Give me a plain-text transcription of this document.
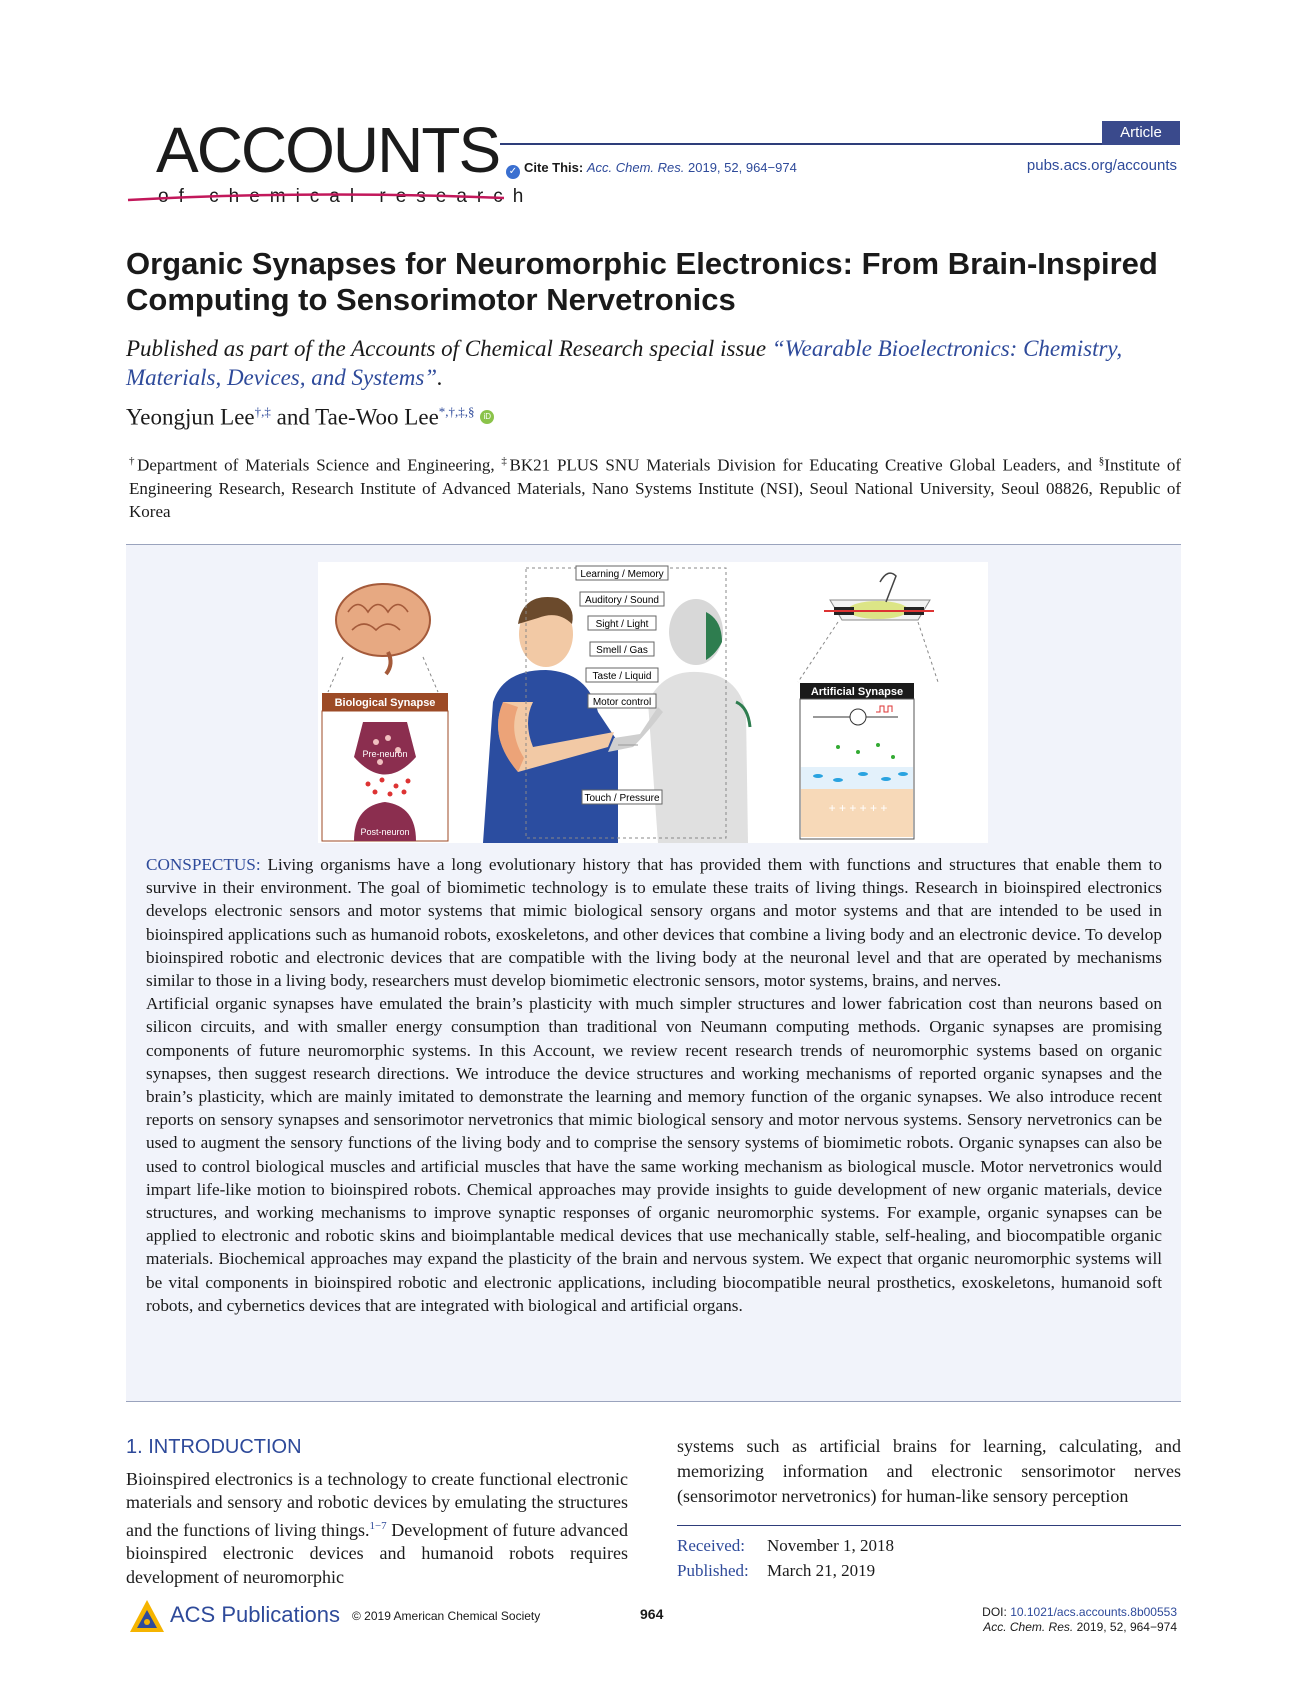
ACCOUNTS
of chemical research
Article
✓ Cite This: Acc. Chem. Res. 2019, 52, 964−974	pubs.acs.org/accounts
Organic Synapses for Neuromorphic Electronics: From Brain-Inspired Computing to Sensorimotor Nervetronics
Published as part of the Accounts of Chemical Research special issue “Wearable Bioelectronics: Chemistry, Materials, Devices, and Systems”.
Yeongjun Lee†,‡ and Tae-Woo Lee*,†,‡,§ iD
†Department of Materials Science and Engineering, ‡BK21 PLUS SNU Materials Division for Educating Creative Global Leaders, and §Institute of Engineering Research, Research Institute of Advanced Materials, Nano Systems Institute (NSI), Seoul National University, Seoul 08826, Republic of Korea
Biological Synapse
Pre-neuron
Post-neuron
Learning / Memory
Auditory / Sound
Sight / Light
Smell / Gas
Taste / Liquid
Motor control
Touch / Pressure
Artificial Synapse
+ + + + + +

CONSPECTUS: Living organisms have a long evolutionary history that has provided them with functions and structures that enable them to survive in their environment. The goal of biomimetic technology is to emulate these traits of living things. Research in bioinspired electronics develops electronic sensors and motor systems that mimic biological sensory organs and motor systems and that are intended to be used in bioinspired applications such as humanoid robots, exoskeletons, and other devices that combine a living body and an electronic device. To develop bioinspired robotic and electronic devices that are compatible with the living body at the neuronal level and that are operated by mechanisms similar to those in a living body, researchers must develop biomimetic electronic sensors, motor systems, brains, and nerves.

Artificial organic synapses have emulated the brain’s plasticity with much simpler structures and lower fabrication cost than neurons based on silicon circuits, and with smaller energy consumption than traditional von Neumann computing methods. Organic synapses are promising components of future neuromorphic systems. In this Account, we review recent research trends of neuromorphic systems based on organic synapses, then suggest research directions. We introduce the device structures and working mechanisms of reported organic synapses and the brain’s plasticity, which are mainly imitated to demonstrate the learning and memory function of the organic synapses. We also introduce recent reports on sensory synapses and sensorimotor nervetronics that mimic biological sensory and motor nervous systems. Sensory nervetronics can be used to augment the sensory functions of the living body and to comprise the sensory systems of biomimetic robots. Organic synapses can also be used to control biological muscles and artificial muscles that have the same working mechanism as biological muscle. Motor nervetronics would impart life-like motion to bioinspired robots. Chemical approaches may provide insights to guide development of new organic materials, device structures, and working mechanisms to improve synaptic responses of organic neuromorphic systems. For example, organic synapses can be applied to electronic and robotic skins and bioimplantable medical devices that use mechanically stable, self-healing, and biocompatible organic materials. Biochemical approaches may expand the plasticity of the brain and nervous system. We expect that organic neuromorphic systems will be vital components in bioinspired robotic and electronic applications, including biocompatible neural prosthetics, exoskeletons, humanoid soft robots, and cybernetics devices that are integrated with biological and artificial organs.

1. INTRODUCTION
Bioinspired electronics is a technology to create functional electronic materials and sensory and robotic devices by emulating the structures and the functions of living things.$^{1-7}$ Development of future advanced bioinspired electronic devices and humanoid robots requires development of neuromorphic
systems such as artificial brains for learning, calculating, and memorizing information and electronic sensorimotor nerves (sensorimotor nervetronics) for human-like sensory perception
Received: November 1, 2018
Published: March 21, 2019
ACS Publications © 2019 American Chemical Society	964	DOI: 10.1021/acs.accounts.8b00553
Acc. Chem. Res. 2019, 52, 964−974
